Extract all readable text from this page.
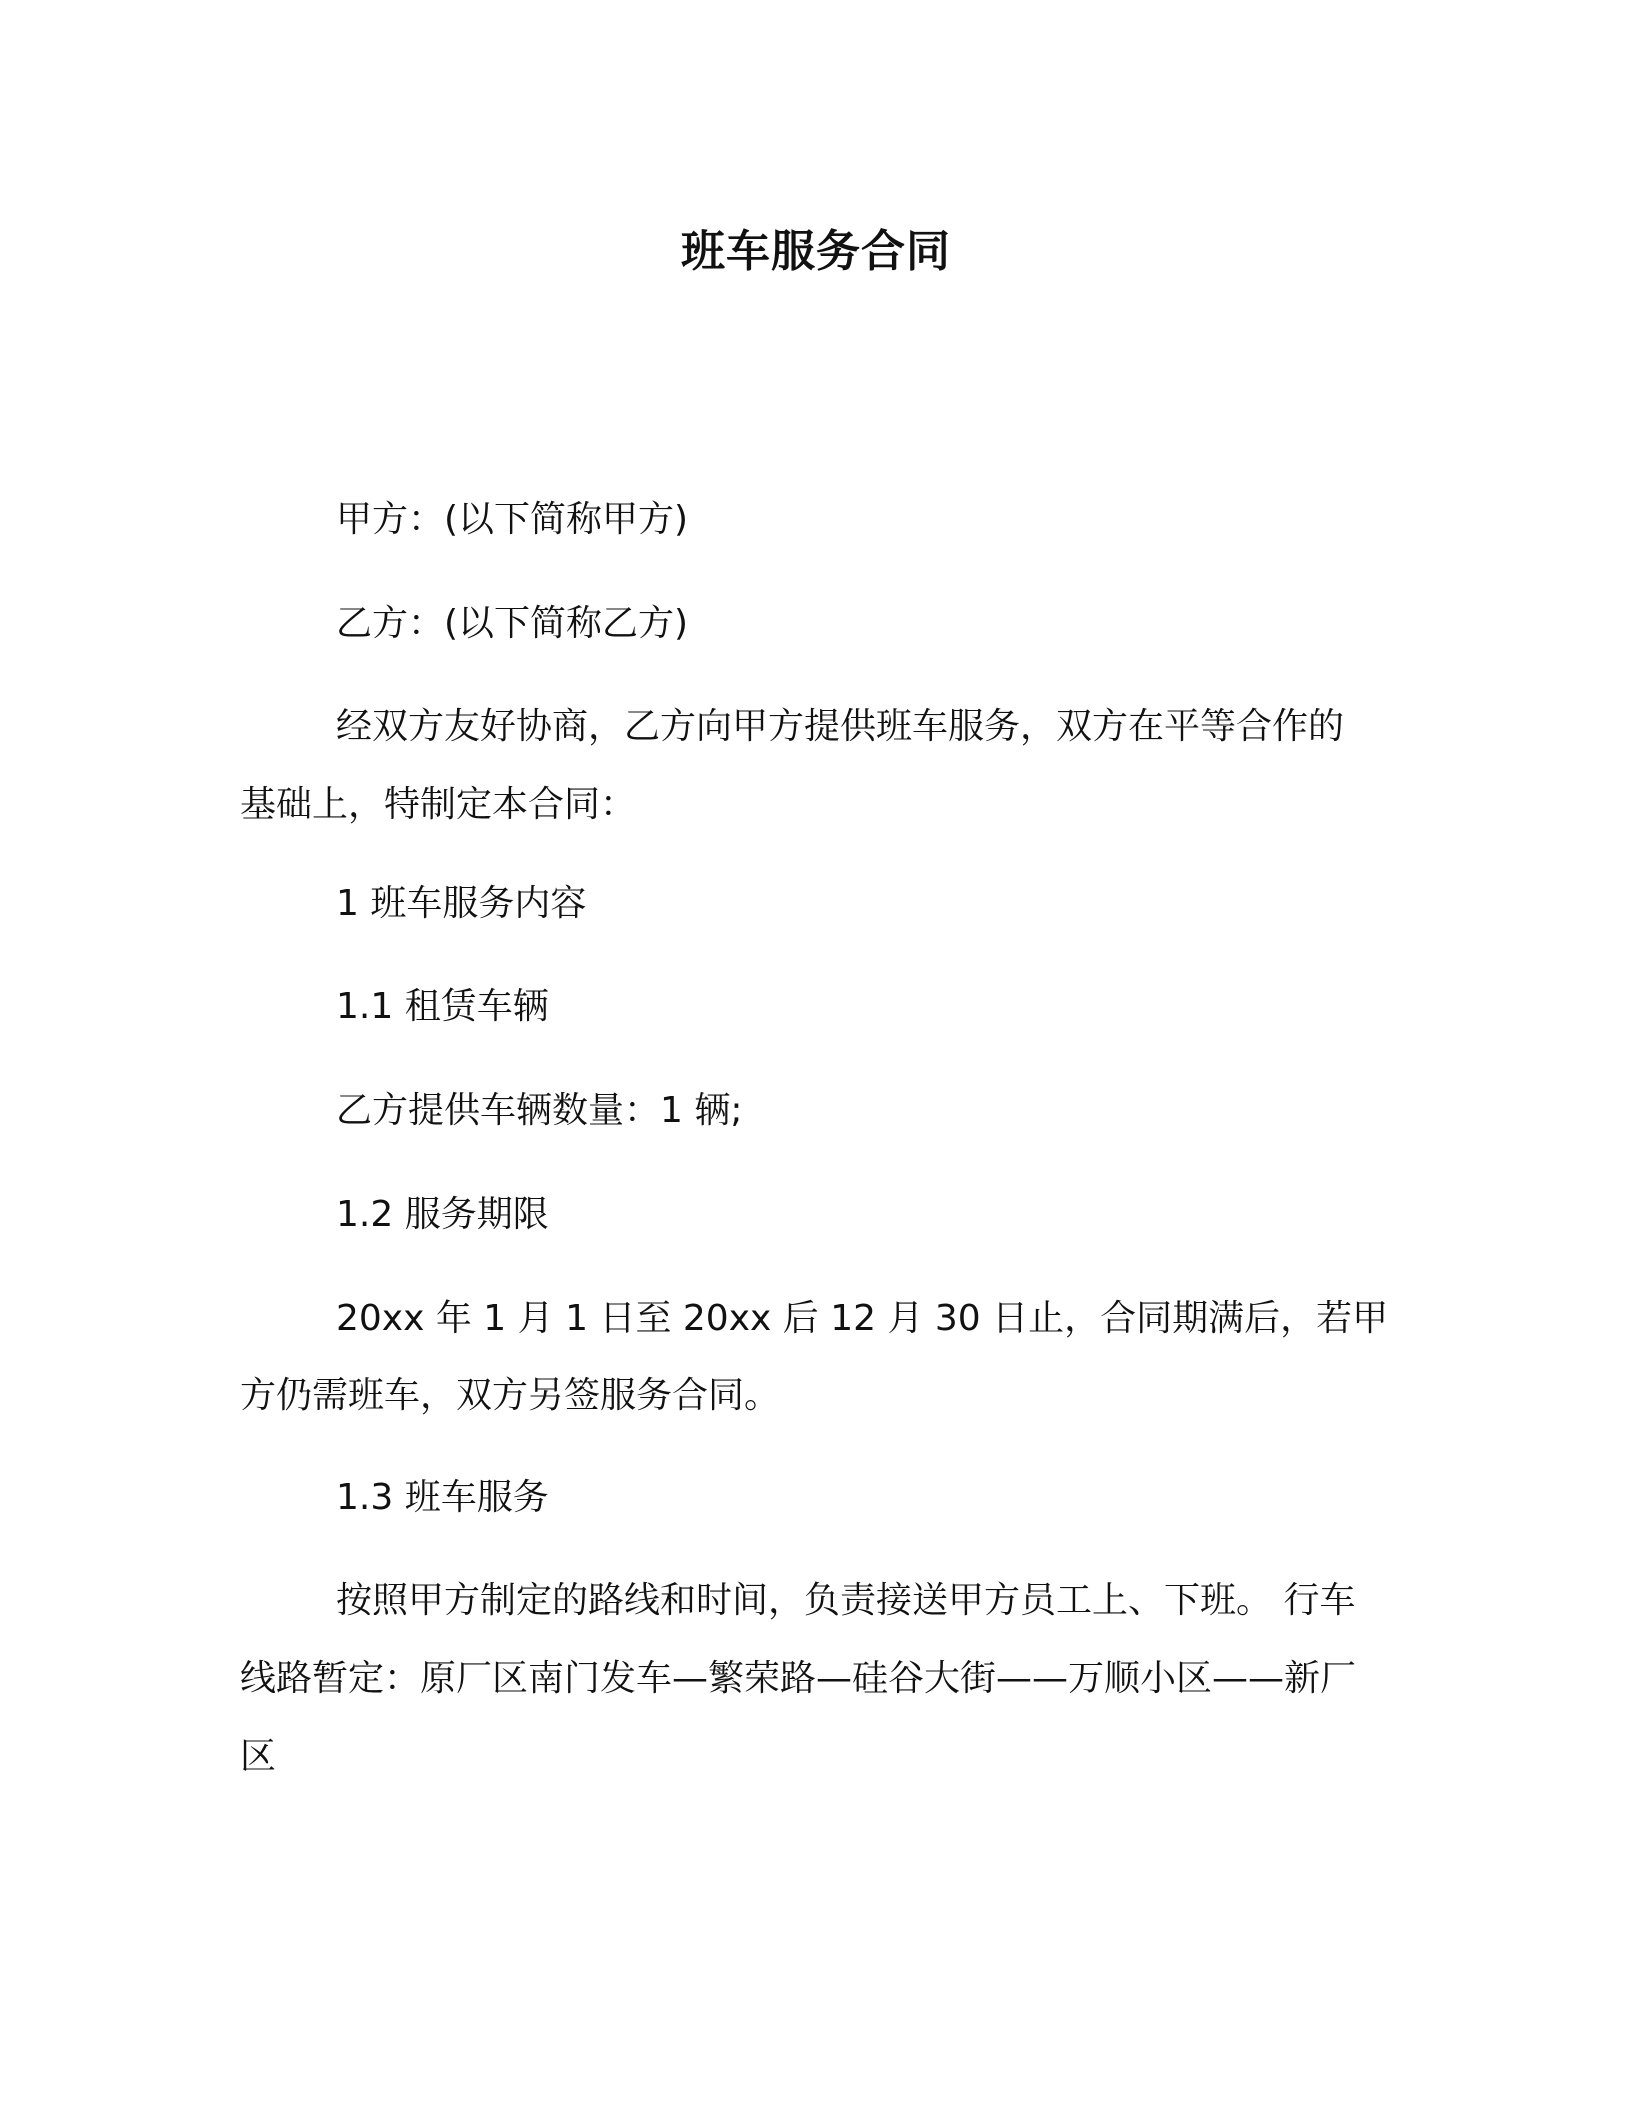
班车服务合同
甲方：(以下简称甲方)
乙方：(以下简称乙方)
经双方友好协商，乙方向甲方提供班车服务，双方在平等合作的
基础上，特制定本合同：
1 班车服务内容
1.1 租赁车辆
乙方提供车辆数量：1 辆;
1.2 服务期限
20xx 年 1 月 1 日至 20xx 后 12 月 30 日止，合同期满后，若甲
方仍需班车，双方另签服务合同。
1.3 班车服务
按照甲方制定的路线和时间，负责接送甲方员工上、下班。 行车
线路暂定：原厂区南门发车—繁荣路—硅谷大街——万顺小区——新厂
区
